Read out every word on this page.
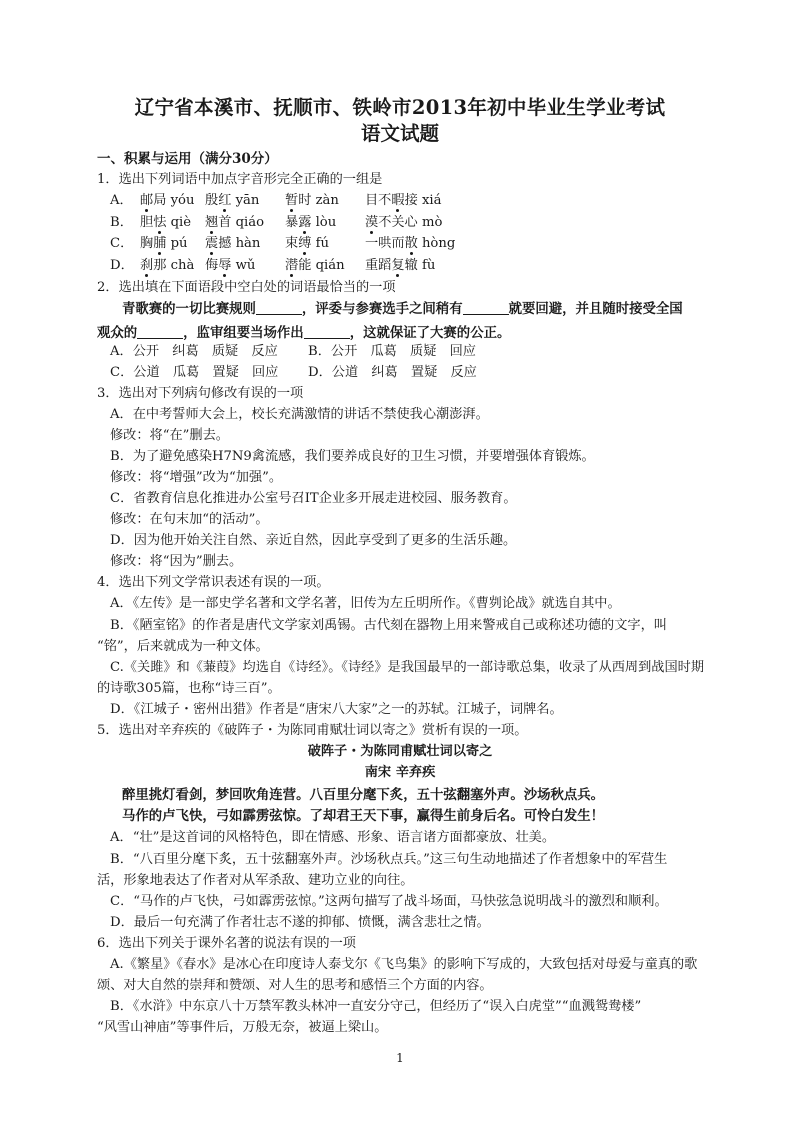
辽宁省本溪市、抚顺市、铁岭市2013年初中毕业生学业考试
语文试题
一、积累与运用（满分30分）
1．选出下列词语中加点字音形完全正确的一组是
A． 邮局 yóu 殷红 yān 暂时 zàn 目不暇接 xiá
B． 胆怯 qiè 翘首 qiáo 暴露 lòu 漠不关心 mò
C． 胸脯 pú 震撼 hàn 束缚 fú	一哄而散 hòng
D． 刹那 chà 侮辱 wǔ 潜能 qián 重蹈复辙 fù
2．选出填在下面语段中空白处的词语最恰当的一项
青歌赛的一切比赛规则	，评委与参赛选手之间稍有	就要回避，并且随时接受全国
观众的	，监审组要当场作出	，这就保证了大赛的公正。
A．公开　纠葛　质疑　反应 B．公开　瓜葛　质疑　回应
C．公道　瓜葛　置疑　回应 D．公道　纠葛　置疑　反应
3．选出对下列病句修改有误的一项
A．在中考誓师大会上，校长充满激情的讲话不禁使我心潮澎湃。
修改：将“在”删去。
B．为了避免感染H7N9禽流感，我们要养成良好的卫生习惯，并要增强体育锻炼。
修改：将“增强”改为“加强”。
C．省教育信息化推进办公室号召IT企业多开展走进校园、服务教育。
修改：在句末加“的活动”。
D．因为他开始关注自然、亲近自然，因此享受到了更多的生活乐趣。
修改：将“因为”删去。
4．选出下列文学常识表述有误的一项。
A．《左传》是一部史学名著和文学名著，旧传为左丘明所作。《曹刿论战》就选自其中。
B．《陋室铭》的作者是唐代文学家刘禹锡。古代刻在器物上用来警戒自己或称述功德的文字，叫
“铭”，后来就成为一种文体。
C.《关雎》和《蒹葭》均选自《诗经》。《诗经》是我国最早的一部诗歌总集，收录了从西周到战国时期
的诗歌305篇，也称“诗三百”。
D．《江城子・密州出猎》作者是“唐宋八大家”之一的苏轼。江城子，词牌名。
5．选出对辛弃疾的《破阵子・为陈同甫赋壮词以寄之》赏析有误的一项。
破阵子・为陈同甫赋壮词以寄之
南宋 辛弃疾
醉里挑灯看剑，梦回吹角连营。八百里分麾下炙，五十弦翻塞外声。沙场秋点兵。
马作的卢飞快，弓如霹雳弦惊。了却君王天下事，赢得生前身后名。可怜白发生！
A．“壮”是这首词的风格特色，即在情感、形象、语言诸方面都豪放、壮美。
B．“八百里分麾下炙，五十弦翻塞外声。沙场秋点兵。”这三句生动地描述了作者想象中的军营生
活，形象地表达了作者对从军杀敌、建功立业的向往。
C．“马作的卢飞快，弓如霹雳弦惊。”这两句描写了战斗场面，马快弦急说明战斗的激烈和顺利。
D．最后一句充满了作者壮志不遂的抑郁、愤慨，满含悲壮之情。
6．选出下列关于课外名著的说法有误的一项
A.《繁星》《春水》是冰心在印度诗人泰戈尔《飞鸟集》的影响下写成的，大致包括对母爱与童真的歌
颂、对大自然的崇拜和赞颂、对人生的思考和感悟三个方面的内容。
B．《水浒》中东京八十万禁军教头林冲一直安分守己，但经历了“误入白虎堂”“血溅鸳鸯楼”
“风雪山神庙”等事件后，万般无奈，被逼上梁山。
1
